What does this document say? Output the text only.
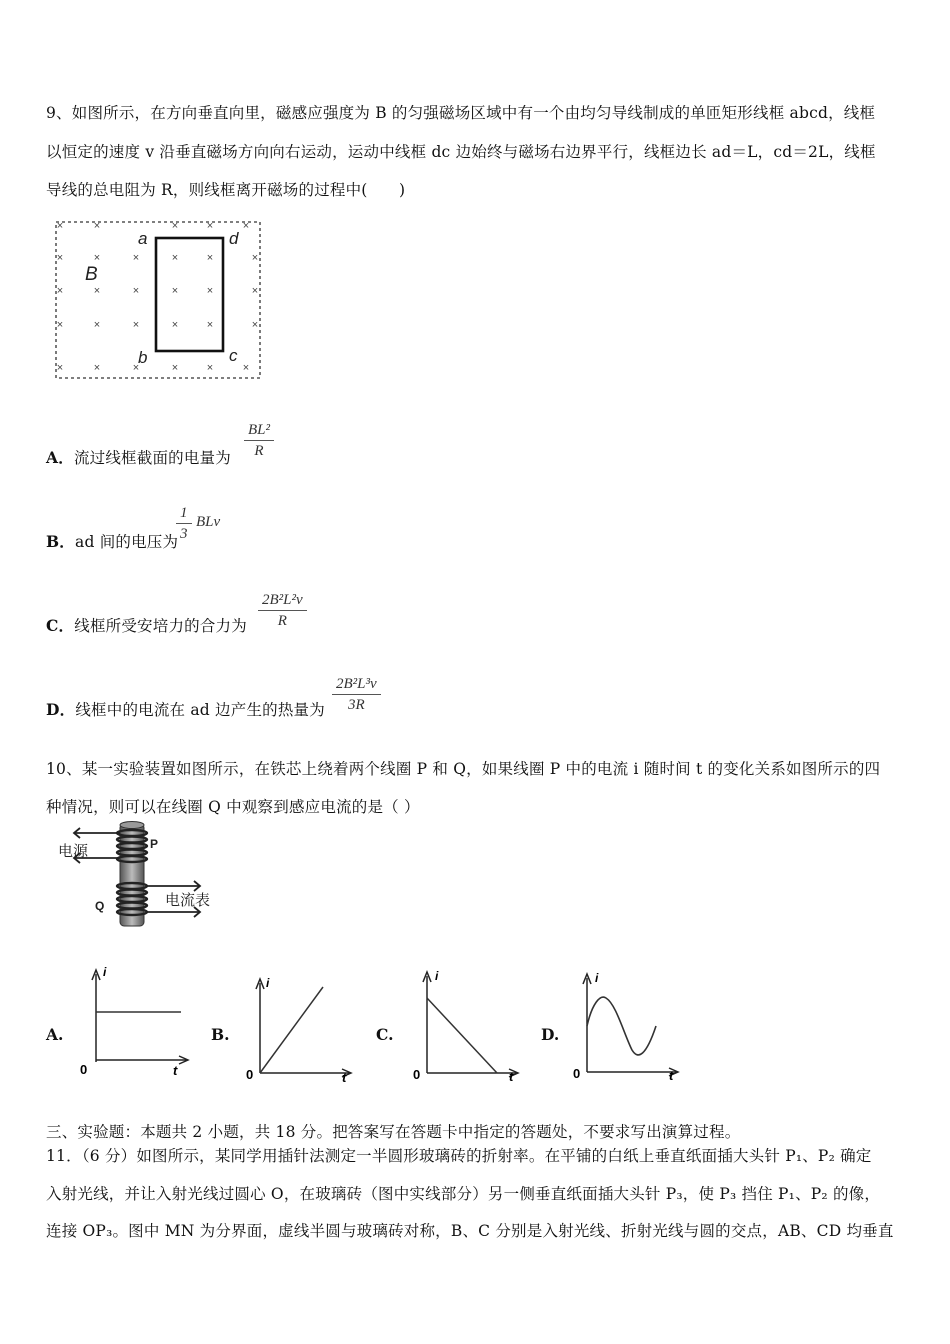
9、如图所示，在方向垂直向里，磁感应强度为 B 的匀强磁场区域中有一个由均匀导线制成的单匝矩形线框 abcd，线框
以恒定的速度 v 沿垂直磁场方向向右运动，运动中线框 dc 边始终与磁场右边界平行，线框边长 ad＝L，cd＝2L，线框
导线的总电阻为 R，则线框离开磁场的过程中(　　)
×	×	×	×	×
×	×	×	×	×	×
×	×	×	×	×	×
×	×	×	×	×	×
×	×	×	×	×	×
B
a	d
b	c
A．流过线框截面的电量为
BL²
R
B．ad 间的电压为
1
3
BLv
C．线框所受安培力的合力为
2B²L²v
R
D．线框中的电流在 ad 边产生的热量为
2B²L³v
3R
10、某一实验装置如图所示，在铁芯上绕着两个线圈 P 和 Q，如果线圈 P 中的电流 i 随时间 t 的变化关系如图所示的四
种情况，则可以在线圈 Q 中观察到感应电流的是（ ）
电源	P
Q	电流表
A.
i
0	t
B.
i
0	t
C.
i
0	t
D.
i
0	t
三、实验题：本题共 2 小题，共 18 分。把答案写在答题卡中指定的答题处，不要求写出演算过程。
11．（6 分）如图所示，某同学用插针法测定一半圆形玻璃砖的折射率。在平铺的白纸上垂直纸面插大头针 P₁、P₂ 确定
入射光线，并让入射光线过圆心 O，在玻璃砖（图中实线部分）另一侧垂直纸面插大头针 P₃，使 P₃ 挡住 P₁、P₂ 的像，
连接 OP₃。图中 MN 为分界面，虚线半圆与玻璃砖对称，B、C 分别是入射光线、折射光线与圆的交点，AB、CD 均垂直
